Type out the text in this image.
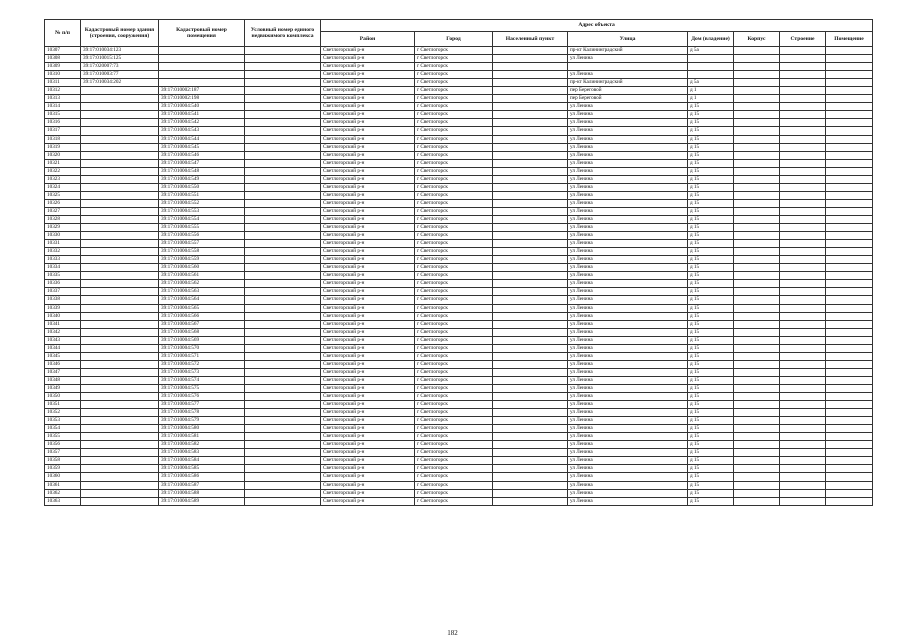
№ п/п	Кадастровый номер здания (строения, сооружения)	Кадастровый номер помещения	Условный номер единого недвижимого комплекса	Адрес объекта							
				Район	Город	Населенный пункт	Улица	Дом (владение)	Корпус	Строение	Помещение
10307	39:17:010034:123			Светлогорский р-н	г Светлогорск		пр-кт Калининградский	д 5а			
10308	39:17:010015:125			Светлогорский р-н	г Светлогорск		ул Ленина				
10309	39:17:020007:73			Светлогорский р-н	г Светлогорск						
10310	39:17:010003:77			Светлогорский р-н	г Светлогорск		ул Ленина				
10311	39:17:010034:202			Светлогорский р-н	г Светлогорск		пр-кт Калининградский	д 5а			
10312		39:17:010002:187		Светлогорский р-н	г Светлогорск		пер Береговой	д 1			
10313		39:17:010002:198		Светлогорский р-н	г Светлогорск		пер Береговой	д 1			
10314		39:17:010004:540		Светлогорский р-н	г Светлогорск		ул Ленина	д 15			
10315		39:17:010004:541		Светлогорский р-н	г Светлогорск		ул Ленина	д 15			
10316		39:17:010004:542		Светлогорский р-н	г Светлогорск		ул Ленина	д 15			
10317		39:17:010004:543		Светлогорский р-н	г Светлогорск		ул Ленина	д 15			
10318		39:17:010004:544		Светлогорский р-н	г Светлогорск		ул Ленина	д 15			
10319		39:17:010004:545		Светлогорский р-н	г Светлогорск		ул Ленина	д 15			
10320		39:17:010004:546		Светлогорский р-н	г Светлогорск		ул Ленина	д 15			
10321		39:17:010004:547		Светлогорский р-н	г Светлогорск		ул Ленина	д 15			
10322		39:17:010004:548		Светлогорский р-н	г Светлогорск		ул Ленина	д 15			
10323		39:17:010004:549		Светлогорский р-н	г Светлогорск		ул Ленина	д 15			
10324		39:17:010004:550		Светлогорский р-н	г Светлогорск		ул Ленина	д 15			
10325		39:17:010004:551		Светлогорский р-н	г Светлогорск		ул Ленина	д 15			
10326		39:17:010004:552		Светлогорский р-н	г Светлогорск		ул Ленина	д 15			
10327		39:17:010004:553		Светлогорский р-н	г Светлогорск		ул Ленина	д 15			
10328		39:17:010004:554		Светлогорский р-н	г Светлогорск		ул Ленина	д 15			
10329		39:17:010004:555		Светлогорский р-н	г Светлогорск		ул Ленина	д 15			
10330		39:17:010004:556		Светлогорский р-н	г Светлогорск		ул Ленина	д 15			
10331		39:17:010004:557		Светлогорский р-н	г Светлогорск		ул Ленина	д 15			
10332		39:17:010004:558		Светлогорский р-н	г Светлогорск		ул Ленина	д 15			
10333		39:17:010004:559		Светлогорский р-н	г Светлогорск		ул Ленина	д 15			
10334		39:17:010004:560		Светлогорский р-н	г Светлогорск		ул Ленина	д 15			
10335		39:17:010004:561		Светлогорский р-н	г Светлогорск		ул Ленина	д 15			
10336		39:17:010004:562		Светлогорский р-н	г Светлогорск		ул Ленина	д 15			
10337		39:17:010004:563		Светлогорский р-н	г Светлогорск		ул Ленина	д 15			
10338		39:17:010004:564		Светлогорский р-н	г Светлогорск		ул Ленина	д 15			
10339		39:17:010004:565		Светлогорский р-н	г Светлогорск		ул Ленина	д 15			
10340		39:17:010004:566		Светлогорский р-н	г Светлогорск		ул Ленина	д 15			
10341		39:17:010004:567		Светлогорский р-н	г Светлогорск		ул Ленина	д 15			
10342		39:17:010004:568		Светлогорский р-н	г Светлогорск		ул Ленина	д 15			
10343		39:17:010004:569		Светлогорский р-н	г Светлогорск		ул Ленина	д 15			
10344		39:17:010004:570		Светлогорский р-н	г Светлогорск		ул Ленина	д 15			
10345		39:17:010004:571		Светлогорский р-н	г Светлогорск		ул Ленина	д 15			
10346		39:17:010004:572		Светлогорский р-н	г Светлогорск		ул Ленина	д 15			
10347		39:17:010004:573		Светлогорский р-н	г Светлогорск		ул Ленина	д 15			
10348		39:17:010004:574		Светлогорский р-н	г Светлогорск		ул Ленина	д 15			
10349		39:17:010004:575		Светлогорский р-н	г Светлогорск		ул Ленина	д 15			
10350		39:17:010004:576		Светлогорский р-н	г Светлогорск		ул Ленина	д 15			
10351		39:17:010004:577		Светлогорский р-н	г Светлогорск		ул Ленина	д 15			
10352		39:17:010004:578		Светлогорский р-н	г Светлогорск		ул Ленина	д 15			
10353		39:17:010004:579		Светлогорский р-н	г Светлогорск		ул Ленина	д 15			
10354		39:17:010004:580		Светлогорский р-н	г Светлогорск		ул Ленина	д 15			
10355		39:17:010004:581		Светлогорский р-н	г Светлогорск		ул Ленина	д 15			
10356		39:17:010004:582		Светлогорский р-н	г Светлогорск		ул Ленина	д 15			
10357		39:17:010004:583		Светлогорский р-н	г Светлогорск		ул Ленина	д 15			
10358		39:17:010004:584		Светлогорский р-н	г Светлогорск		ул Ленина	д 15			
10359		39:17:010004:585		Светлогорский р-н	г Светлогорск		ул Ленина	д 15			
10360		39:17:010004:586		Светлогорский р-н	г Светлогорск		ул Ленина	д 15			
10361		39:17:010004:587		Светлогорский р-н	г Светлогорск		ул Ленина	д 15			
10362		39:17:010004:588		Светлогорский р-н	г Светлогорск		ул Ленина	д 15			
10363		39:17:010004:589		Светлогорский р-н	г Светлогорск		ул Ленина	д 15			
182
